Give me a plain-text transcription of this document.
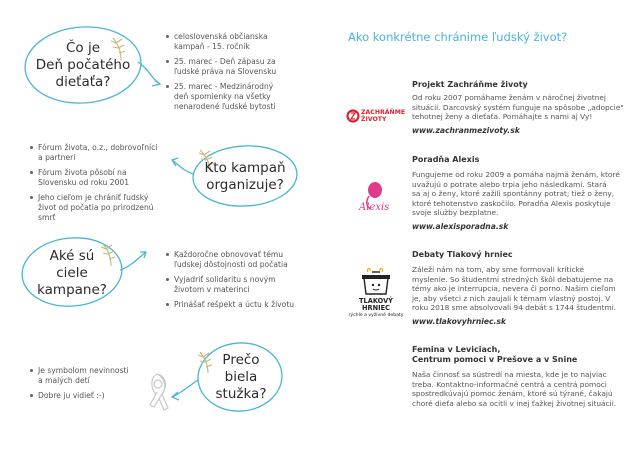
Čo je
Deň počatého
dieťaťa?
Kto kampaň
organizuje?
Aké sú
ciele
kampane?
Prečo
biela
stužka?
celoslovenská občianska
kampaň - 15. ročník
25. marec - Deň zápasu za
ľudské práva na Slovensku
25. marec - Medzinárodný
deň spomienky na všetky
nenarodené ľudské bytosti
Fórum života, o.z., dobrovoľníci
a partneri
Fórum života pôsobí na
Slovensku od roku 2001
Jeho cieľom je chrániť ľudský
život od počatia po prirodzenú
smrť
Každoročne obnovovať tému
ľudskej dôstojnosti od počatia
Vyjadriť solidaritu s novým
životom v materinci
Prinášať rešpekt a úctu k životu
Je symbolom nevinnosti
a malých detí
Dobre ju vidieť :-)
Ako konkrétne chránime ľudský život?
ZACHRÁŇME
ŽIVOTY
Projekt Zachráňme životy
Od roku 2007 pomáhame ženám v náročnej životnej
situácii. Darcovský systém funguje na spôsobe „adopcie"
tehotnej ženy a dieťaťa. Pomáhajte s nami aj Vy!
www.zachranmezivoty.sk
Alexis
Poradňa Alexis
Fungujeme od roku 2009 a pomáha najmä ženám, ktoré
uvažujú o potrate alebo trpia jeho následkami. Stará
sa aj o ženy, ktoré zažili spontánny potrat; tiež o ženy,
ktoré tehotenstvo zaskočilo. Poradňa Alexis poskytuje
svoje služby bezplatne.
www.alexisporadna.sk
TLAKOVÝ HRNIEC
rýchle a vyživné debaty
Debaty Tlakový hrniec
Záleží nám na tom, aby sme formovali kritické
myslenie. So študentmi stredných škôl debatujeme na
témy ako je interrupcia, nevera či porno. Našim cieľom
je, aby všetci z nich zaujali k témam vlastný postoj. V
roku 2018 sme absolvovali 94 debát s 1744 študentmi.
www.tlakovyhrniec.sk
Femina v Leviciach,
Centrum pomoci v Prešove a v Snine
Naša činnosť sa sústredí na miesta, kde je to najviac
treba. Kontaktno-informačné centrá a centrá pomoci
spostredkúvajú pomoc ženám, ktoré sú týrané, čakajú
choré dieťa alebo sa ocitli v inej ťažkej životnej situácii.
